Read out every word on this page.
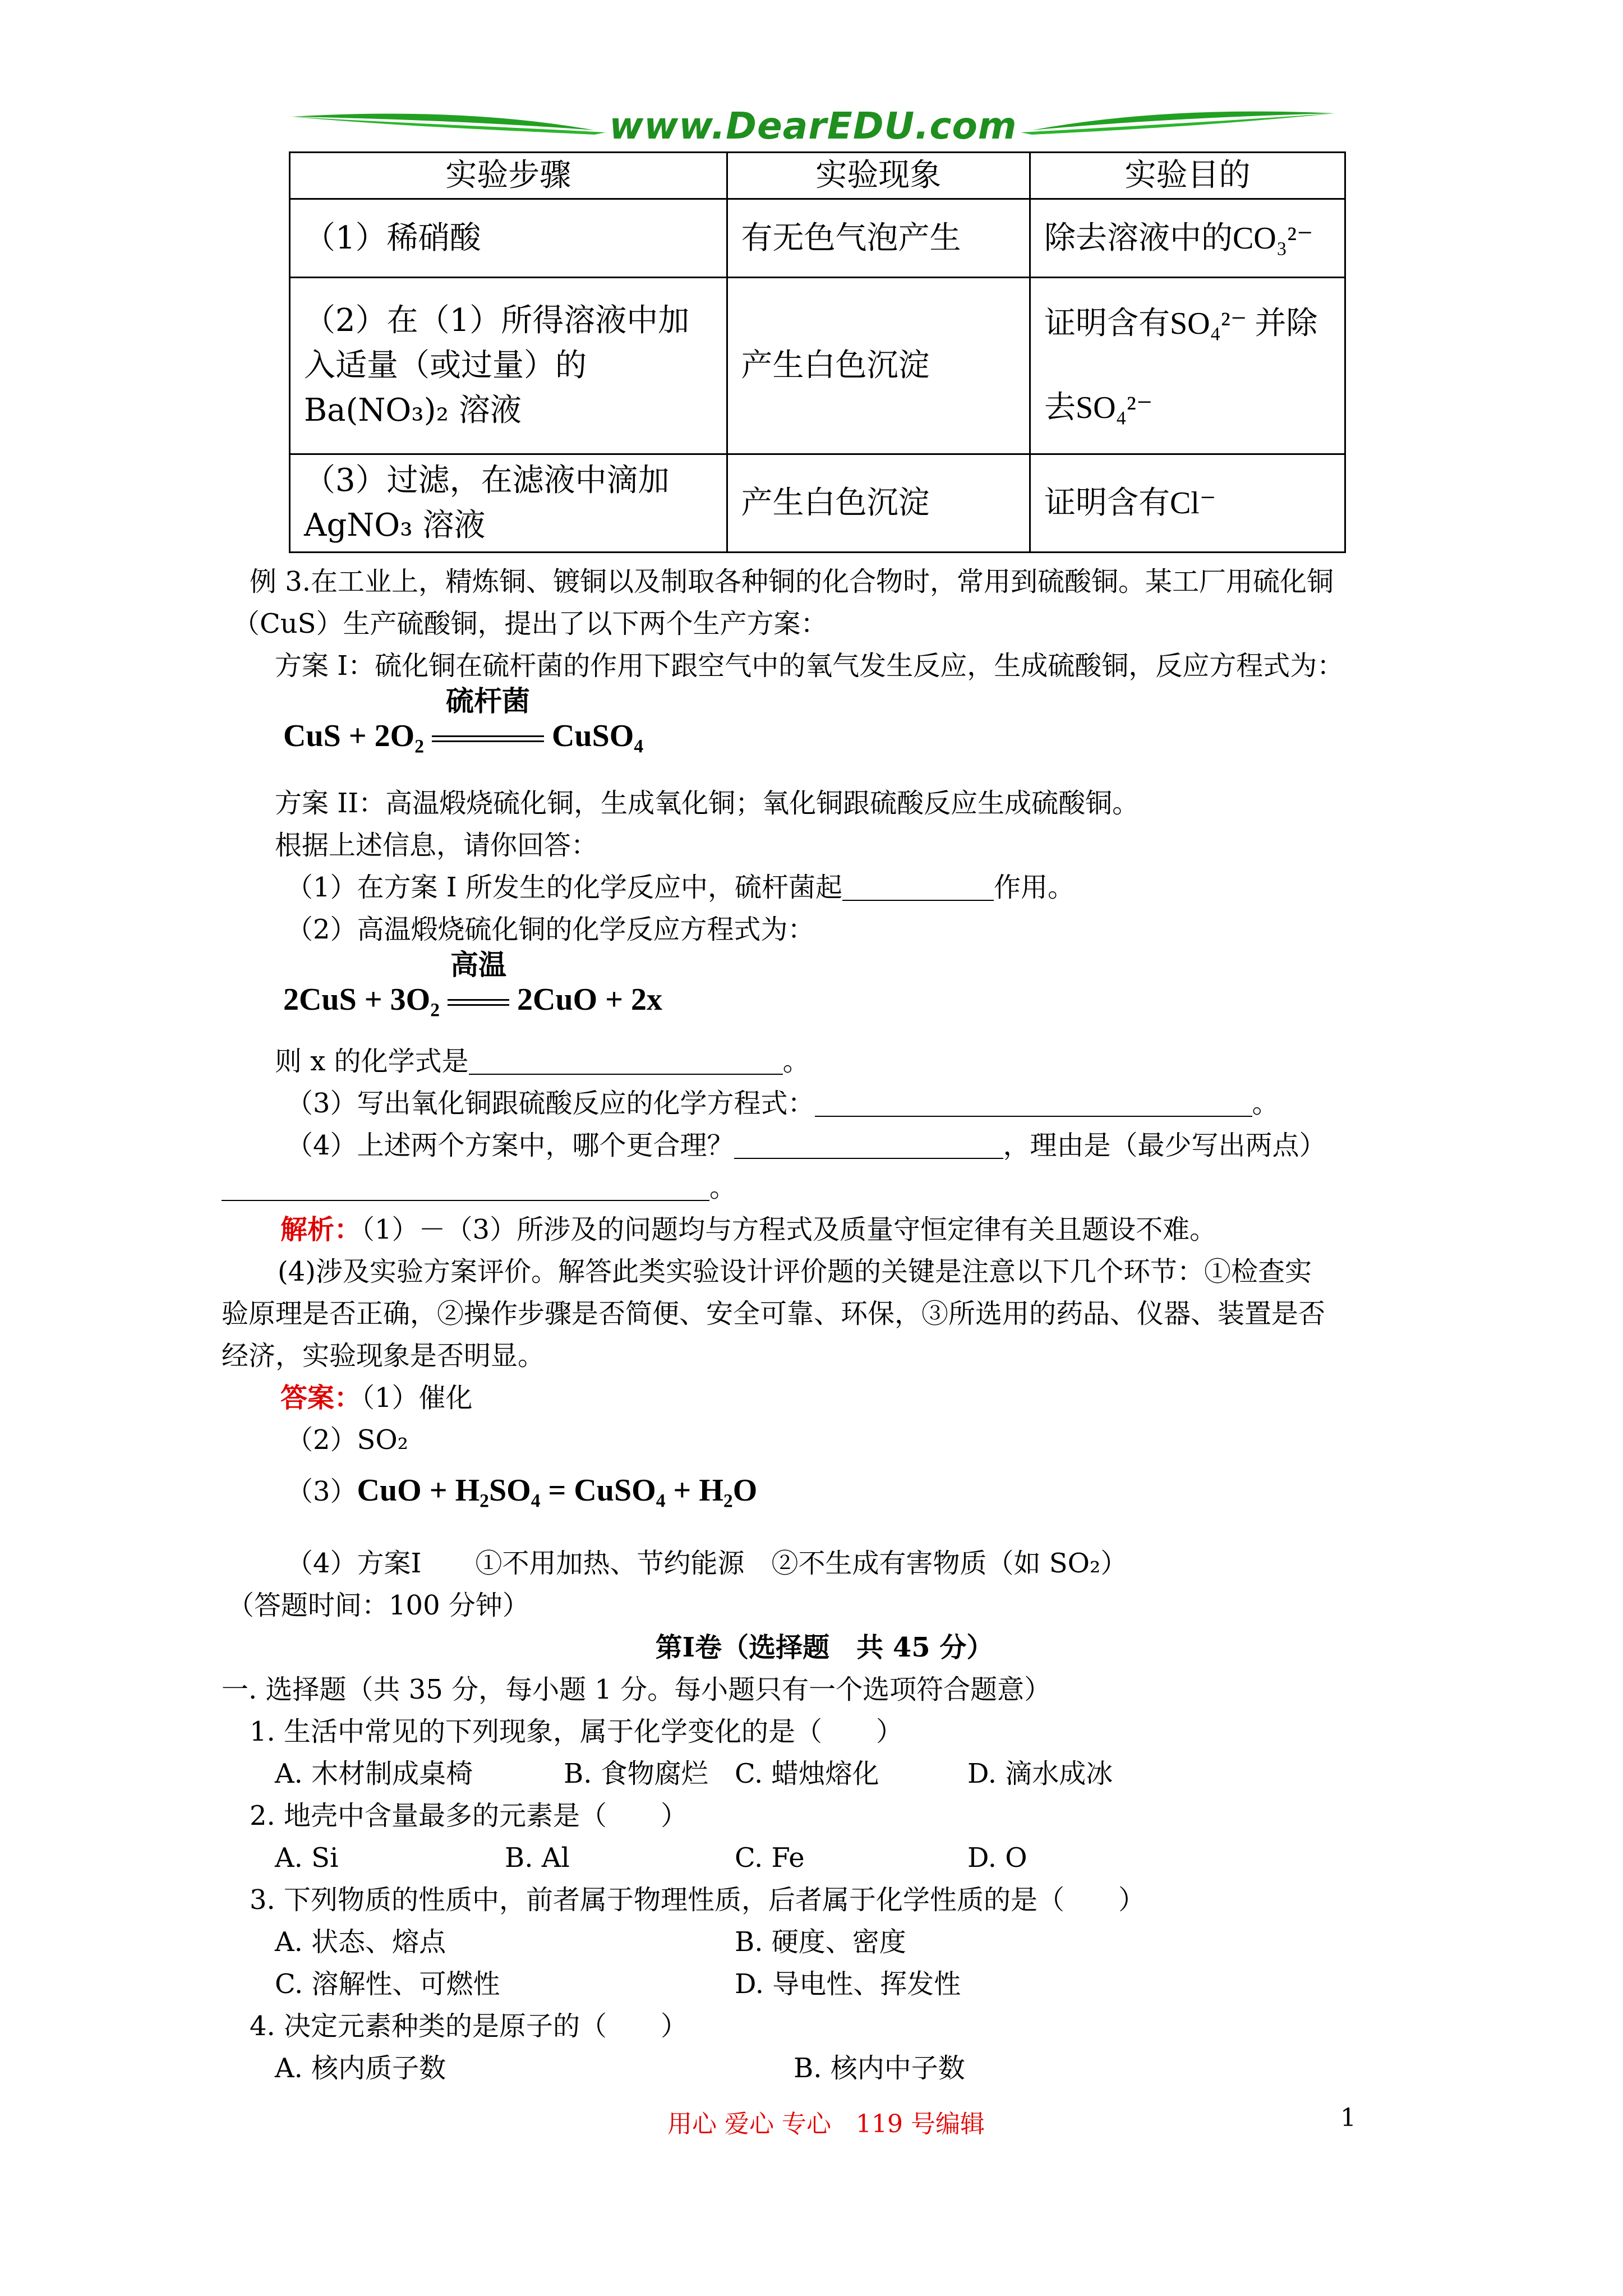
www.DearEDU.com
实验步骤	实验现象	实验目的
（1）稀硝酸	有无色气泡产生	除去溶液中的CO₃²⁻
（2）在（1）所得溶液中加入适量（或过量）的 Ba(NO₃)₂ 溶液	产生白色沉淀	证明含有SO₄²⁻ 并除去SO₄²⁻
（3）过滤，在滤液中滴加 AgNO₃ 溶液	产生白色沉淀	证明含有Cl⁻
例 3.在工业上，精炼铜、镀铜以及制取各种铜的化合物时，常用到硫酸铜。某工厂用硫化铜
（CuS）生产硫酸铜，提出了以下两个生产方案：
方案 I：硫化铜在硫杆菌的作用下跟空气中的氧气发生反应，生成硫酸铜，反应方程式为：
CuS + 2O₂
硫杆菌
CuSO₄
方案 II：高温煅烧硫化铜，生成氧化铜；氧化铜跟硫酸反应生成硫酸铜。
根据上述信息，请你回答：
（1）在方案 I 所发生的化学反应中，硫杆菌起	作用。
（2）高温煅烧硫化铜的化学反应方程式为：
2CuS + 3O₂
高温
2CuO + 2x
则 x 的化学式是	。
（3）写出氧化铜跟硫酸反应的化学方程式：	。
（4）上述两个方案中，哪个更合理？	，理由是（最少写出两点）
。
解析：（1）－（3）所涉及的问题均与方程式及质量守恒定律有关且题设不难。
(4)涉及实验方案评价。解答此类实验设计评价题的关键是注意以下几个环节：①检查实
验原理是否正确，②操作步骤是否简便、安全可靠、环保，③所选用的药品、仪器、装置是否
经济，实验现象是否明显。
答案：（1）催化
（2）SO₂
（3）CuO + H₂SO₄ = CuSO₄ + H₂O
（4）方案Ⅰ　　①不用加热、节约能源　②不生成有害物质（如 SO₂）
（答题时间：100 分钟）
第Ⅰ卷（选择题　共 45 分）
一. 选择题（共 35 分，每小题 1 分。每小题只有一个选项符合题意）
1. 生活中常见的下列现象，属于化学变化的是（　　）
A. 木材制成桌椅	B. 食物腐烂 C. 蜡烛熔化	D. 滴水成冰
2. 地壳中含量最多的元素是（　　）
A. Si	B. Al	C. Fe	D. O
3. 下列物质的性质中，前者属于物理性质，后者属于化学性质的是（　　）
A. 状态、熔点	B. 硬度、密度
C. 溶解性、可燃性	D. 导电性、挥发性
4. 决定元素种类的是原子的（　　）
A. 核内质子数	B. 核内中子数
用心 爱心 专心　119 号编辑	1
